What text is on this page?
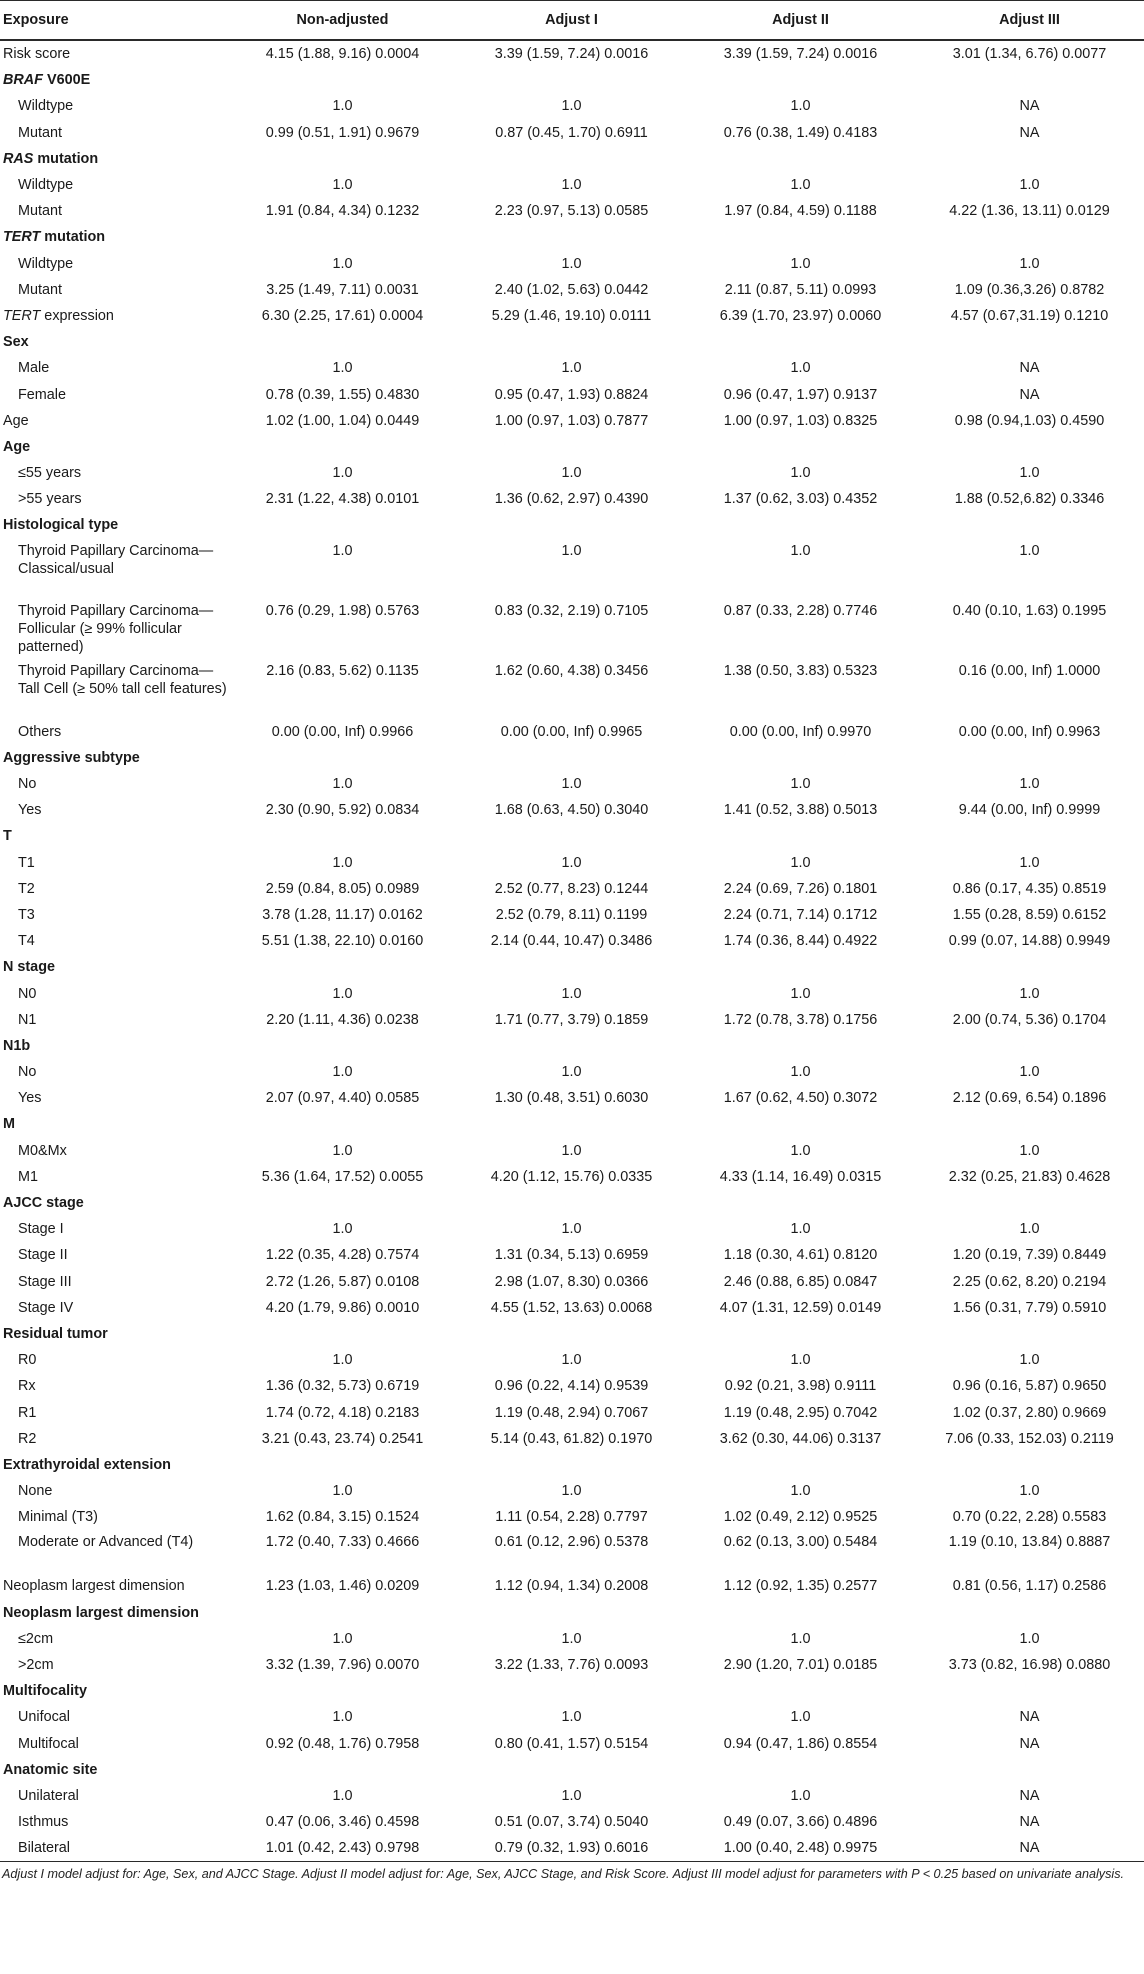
Exposure	Non-adjusted	Adjust I	Adjust II	Adjust III
Risk score	4.15 (1.88, 9.16) 0.0004	3.39 (1.59, 7.24) 0.0016	3.39 (1.59, 7.24) 0.0016	3.01 (1.34, 6.76) 0.0077
BRAF V600E				
Wildtype	1.0	1.0	1.0	NA
Mutant	0.99 (0.51, 1.91) 0.9679	0.87 (0.45, 1.70) 0.6911	0.76 (0.38, 1.49) 0.4183	NA
RAS mutation				
Wildtype	1.0	1.0	1.0	1.0
Mutant	1.91 (0.84, 4.34) 0.1232	2.23 (0.97, 5.13) 0.0585	1.97 (0.84, 4.59) 0.1188	4.22 (1.36, 13.11) 0.0129
TERT mutation				
Wildtype	1.0	1.0	1.0	1.0
Mutant	3.25 (1.49, 7.11) 0.0031	2.40 (1.02, 5.63) 0.0442	2.11 (0.87, 5.11) 0.0993	1.09 (0.36,3.26) 0.8782
TERT expression	6.30 (2.25, 17.61) 0.0004	5.29 (1.46, 19.10) 0.0111	6.39 (1.70, 23.97) 0.0060	4.57 (0.67,31.19) 0.1210
Sex				
Male	1.0	1.0	1.0	NA
Female	0.78 (0.39, 1.55) 0.4830	0.95 (0.47, 1.93) 0.8824	0.96 (0.47, 1.97) 0.9137	NA
Age	1.02 (1.00, 1.04) 0.0449	1.00 (0.97, 1.03) 0.7877	1.00 (0.97, 1.03) 0.8325	0.98 (0.94,1.03) 0.4590
Age				
≤55 years	1.0	1.0	1.0	1.0
>55 years	2.31 (1.22, 4.38) 0.0101	1.36 (0.62, 2.97) 0.4390	1.37 (0.62, 3.03) 0.4352	1.88 (0.52,6.82) 0.3346
Histological type				
Thyroid Papillary Carcinoma—Classical/usual	1.0	1.0	1.0	1.0
Thyroid Papillary Carcinoma—Follicular (≥ 99% follicular patterned)	0.76 (0.29, 1.98) 0.5763	0.83 (0.32, 2.19) 0.7105	0.87 (0.33, 2.28) 0.7746	0.40 (0.10, 1.63) 0.1995
Thyroid Papillary Carcinoma—Tall Cell (≥ 50% tall cell features)	2.16 (0.83, 5.62) 0.1135	1.62 (0.60, 4.38) 0.3456	1.38 (0.50, 3.83) 0.5323	0.16 (0.00, Inf) 1.0000
Others	0.00 (0.00, Inf) 0.9966	0.00 (0.00, Inf) 0.9965	0.00 (0.00, Inf) 0.9970	0.00 (0.00, Inf) 0.9963
Aggressive subtype				
No	1.0	1.0	1.0	1.0
Yes	2.30 (0.90, 5.92) 0.0834	1.68 (0.63, 4.50) 0.3040	1.41 (0.52, 3.88) 0.5013	9.44 (0.00, Inf) 0.9999
T				
T1	1.0	1.0	1.0	1.0
T2	2.59 (0.84, 8.05) 0.0989	2.52 (0.77, 8.23) 0.1244	2.24 (0.69, 7.26) 0.1801	0.86 (0.17, 4.35) 0.8519
T3	3.78 (1.28, 11.17) 0.0162	2.52 (0.79, 8.11) 0.1199	2.24 (0.71, 7.14) 0.1712	1.55 (0.28, 8.59) 0.6152
T4	5.51 (1.38, 22.10) 0.0160	2.14 (0.44, 10.47) 0.3486	1.74 (0.36, 8.44) 0.4922	0.99 (0.07, 14.88) 0.9949
N stage				
N0	1.0	1.0	1.0	1.0
N1	2.20 (1.11, 4.36) 0.0238	1.71 (0.77, 3.79) 0.1859	1.72 (0.78, 3.78) 0.1756	2.00 (0.74, 5.36) 0.1704
N1b				
No	1.0	1.0	1.0	1.0
Yes	2.07 (0.97, 4.40) 0.0585	1.30 (0.48, 3.51) 0.6030	1.67 (0.62, 4.50) 0.3072	2.12 (0.69, 6.54) 0.1896
M				
M0&Mx	1.0	1.0	1.0	1.0
M1	5.36 (1.64, 17.52) 0.0055	4.20 (1.12, 15.76) 0.0335	4.33 (1.14, 16.49) 0.0315	2.32 (0.25, 21.83) 0.4628
AJCC stage				
Stage I	1.0	1.0	1.0	1.0
Stage II	1.22 (0.35, 4.28) 0.7574	1.31 (0.34, 5.13) 0.6959	1.18 (0.30, 4.61) 0.8120	1.20 (0.19, 7.39) 0.8449
Stage III	2.72 (1.26, 5.87) 0.0108	2.98 (1.07, 8.30) 0.0366	2.46 (0.88, 6.85) 0.0847	2.25 (0.62, 8.20) 0.2194
Stage IV	4.20 (1.79, 9.86) 0.0010	4.55 (1.52, 13.63) 0.0068	4.07 (1.31, 12.59) 0.0149	1.56 (0.31, 7.79) 0.5910
Residual tumor				
R0	1.0	1.0	1.0	1.0
Rx	1.36 (0.32, 5.73) 0.6719	0.96 (0.22, 4.14) 0.9539	0.92 (0.21, 3.98) 0.9111	0.96 (0.16, 5.87) 0.9650
R1	1.74 (0.72, 4.18) 0.2183	1.19 (0.48, 2.94) 0.7067	1.19 (0.48, 2.95) 0.7042	1.02 (0.37, 2.80) 0.9669
R2	3.21 (0.43, 23.74) 0.2541	5.14 (0.43, 61.82) 0.1970	3.62 (0.30, 44.06) 0.3137	7.06 (0.33, 152.03) 0.2119
Extrathyroidal extension				
None	1.0	1.0	1.0	1.0
Minimal (T3)	1.62 (0.84, 3.15) 0.1524	1.11 (0.54, 2.28) 0.7797	1.02 (0.49, 2.12) 0.9525	0.70 (0.22, 2.28) 0.5583
Moderate or Advanced (T4)	1.72 (0.40, 7.33) 0.4666	0.61 (0.12, 2.96) 0.5378	0.62 (0.13, 3.00) 0.5484	1.19 (0.10, 13.84) 0.8887
Neoplasm largest dimension	1.23 (1.03, 1.46) 0.0209	1.12 (0.94, 1.34) 0.2008	1.12 (0.92, 1.35) 0.2577	0.81 (0.56, 1.17) 0.2586
Neoplasm largest dimension				
≤2cm	1.0	1.0	1.0	1.0
>2cm	3.32 (1.39, 7.96) 0.0070	3.22 (1.33, 7.76) 0.0093	2.90 (1.20, 7.01) 0.0185	3.73 (0.82, 16.98) 0.0880
Multifocality				
Unifocal	1.0	1.0	1.0	NA
Multifocal	0.92 (0.48, 1.76) 0.7958	0.80 (0.41, 1.57) 0.5154	0.94 (0.47, 1.86) 0.8554	NA
Anatomic site				
Unilateral	1.0	1.0	1.0	NA
Isthmus	0.47 (0.06, 3.46) 0.4598	0.51 (0.07, 3.74) 0.5040	0.49 (0.07, 3.66) 0.4896	NA
Bilateral	1.01 (0.42, 2.43) 0.9798	0.79 (0.32, 1.93) 0.6016	1.00 (0.40, 2.48) 0.9975	NA
Adjust I model adjust for: Age, Sex, and AJCC Stage. Adjust II model adjust for: Age, Sex, AJCC Stage, and Risk Score. Adjust III model adjust for parameters with P < 0.25 based on univariate analysis.
